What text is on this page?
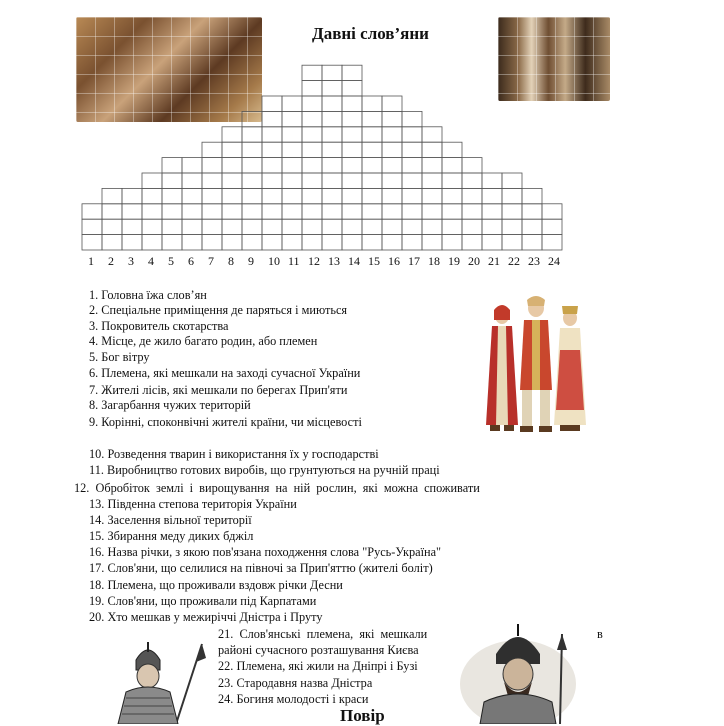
Давні слов’яни
1 2 3 4 5 6 7 8 9 10 11 12 13 14 15 16 17 18 19 20 21 22 23 24
1. Головна їжа слов’ян
2. Спеціальне приміщення де паряться і миються
3. Покровитель скотарства
4. Місце, де жило багато родин, або племен
5. Бог вітру
6. Племена, які мешкали на заході сучасної України
7. Жителі лісів, які мешкали по берегах Прип'яти
8. Загарбання чужих територій
9. Корінні, споконвічні жителі країни, чи місцевості
10. Розведення тварин і використання їх у господарстві
11. Виробництво готових виробів, що грунтуються на ручній праці
12. Обробіток землі і вирощування на ній рослин, які можна споживати
13. Південна степова територія України
14. Заселення вільної території
15. Збирання меду диких бджіл
16. Назва річки, з якою пов'язана походження слова "Русь-Україна"
17. Слов'яни, що селилися на півночі за Прип'яттю (жителі боліт)
18. Племена, що проживали вздовж річки Десни
19. Слов'яни, що проживали під Карпатами
20. Хто мешкав у межиріччі Дністра і Пруту
21. Слов'янські племена, які мешкали	в
районі сучасного розташування Києва
22. Племена, які жили на Дніпрі і Бузі
23. Стародавня назва Дністра
24. Богиня молодості і краси
Повір
